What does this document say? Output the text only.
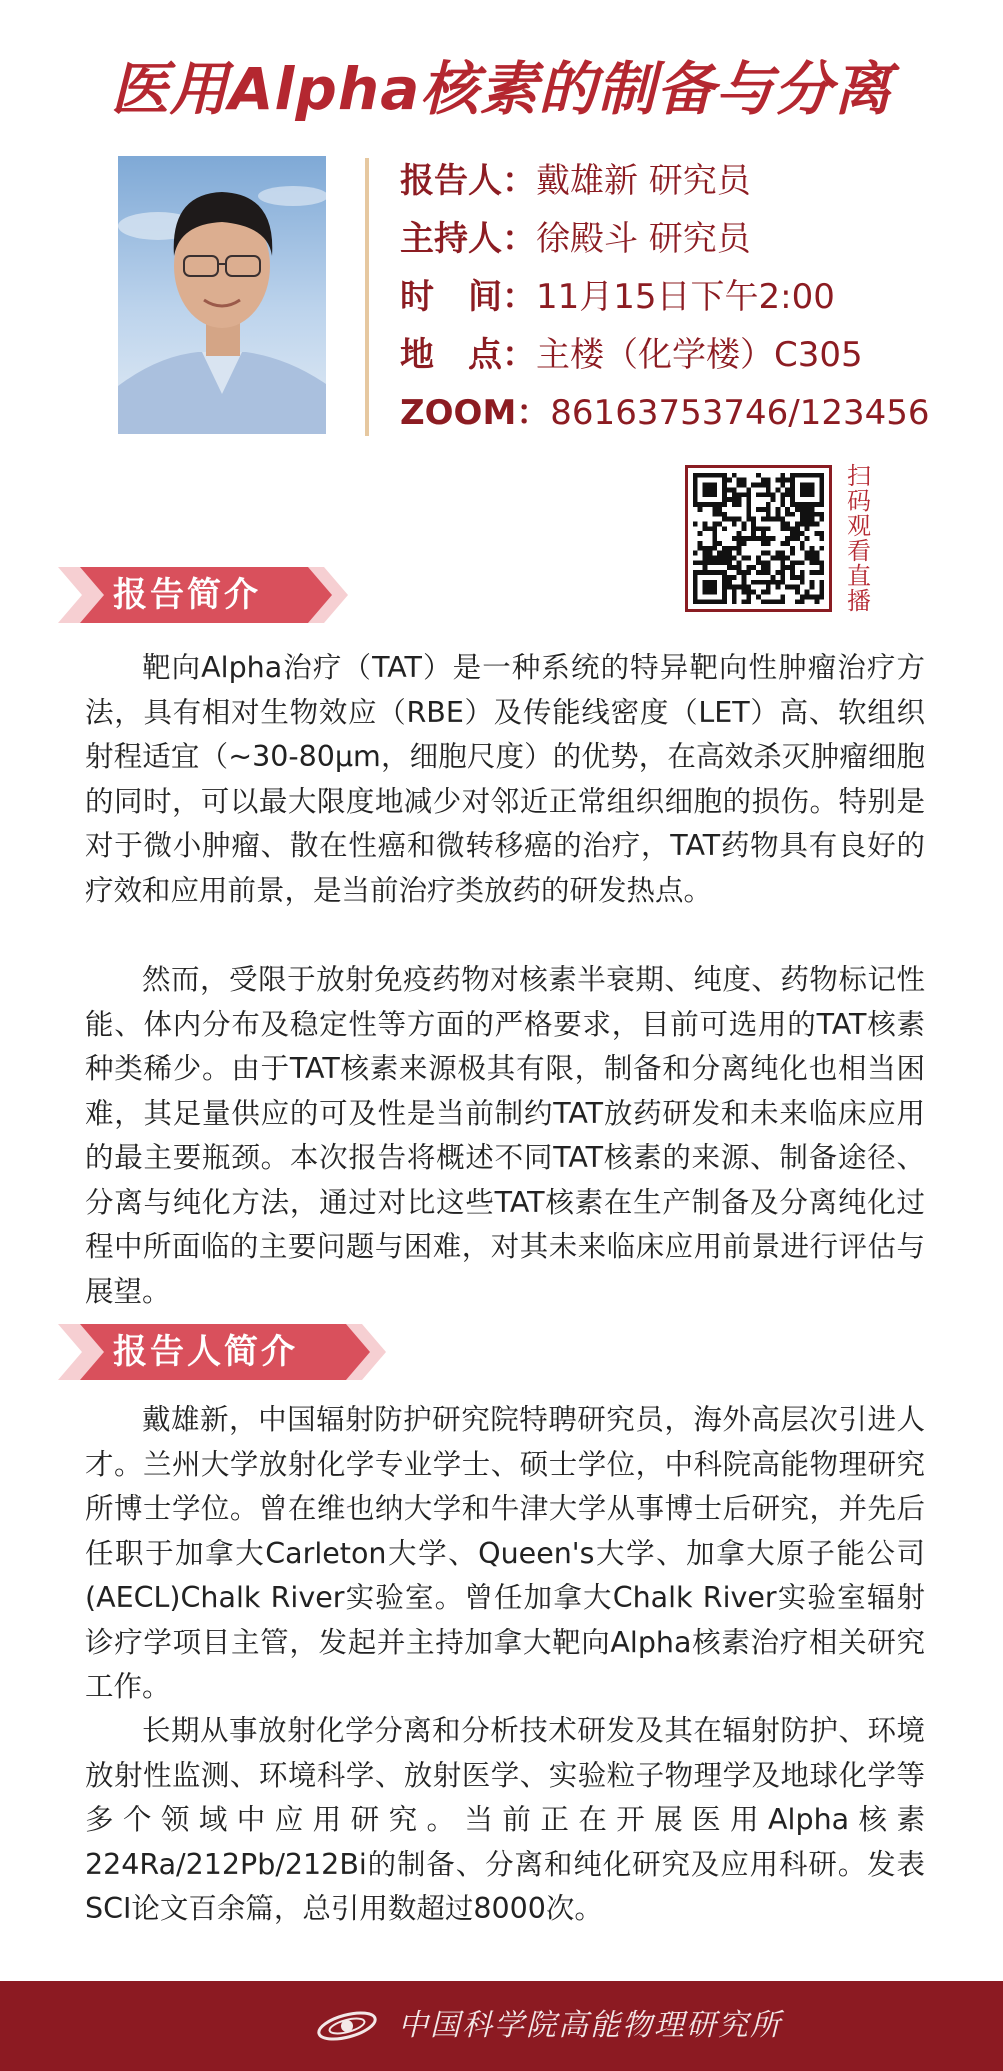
医用Alpha核素的制备与分离
报告人：戴雄新 研究员
主持人：徐殿斗 研究员
时　间：11月15日下午2:00
地　点：主楼（化学楼）C305
ZOOM：86163753746/123456
扫码观看直播
报告简介

靶向Alpha治疗（TAT）是一种系统的特异靶向性肿瘤治疗方法，具有相对生物效应（RBE）及传能线密度（LET）高、软组织射程适宜（~30-80μm，细胞尺度）的优势，在高效杀灭肿瘤细胞的同时，可以最大限度地减少对邻近正常组织细胞的损伤。特别是对于微小肿瘤、散在性癌和微转移癌的治疗，TAT药物具有良好的疗效和应用前景，是当前治疗类放药的研发热点。

然而，受限于放射免疫药物对核素半衰期、纯度、药物标记性能、体内分布及稳定性等方面的严格要求，目前可选用的TAT核素种类稀少。由于TAT核素来源极其有限，制备和分离纯化也相当困难，其足量供应的可及性是当前制约TAT放药研发和未来临床应用的最主要瓶颈。本次报告将概述不同TAT核素的来源、制备途径、分离与纯化方法，通过对比这些TAT核素在生产制备及分离纯化过程中所面临的主要问题与困难，对其未来临床应用前景进行评估与展望。

报告人简介

戴雄新，中国辐射防护研究院特聘研究员，海外高层次引进人才。兰州大学放射化学专业学士、硕士学位，中科院高能物理研究所博士学位。曾在维也纳大学和牛津大学从事博士后研究，并先后任职于加拿大Carleton大学、Queen's大学、加拿大原子能公司(AECL)Chalk River实验室。曾任加拿大Chalk River实验室辐射诊疗学项目主管，发起并主持加拿大靶向Alpha核素治疗相关研究工作。

长期从事放射化学分离和分析技术研发及其在辐射防护、环境放射性监测、环境科学、放射医学、实验粒子物理学及地球化学等多个领域中应用研究。当前正在开展医用Alpha核素224Ra/212Pb/212Bi的制备、分离和纯化研究及应用科研。发表SCI论文百余篇，总引用数超过8000次。

中国科学院高能物理研究所
